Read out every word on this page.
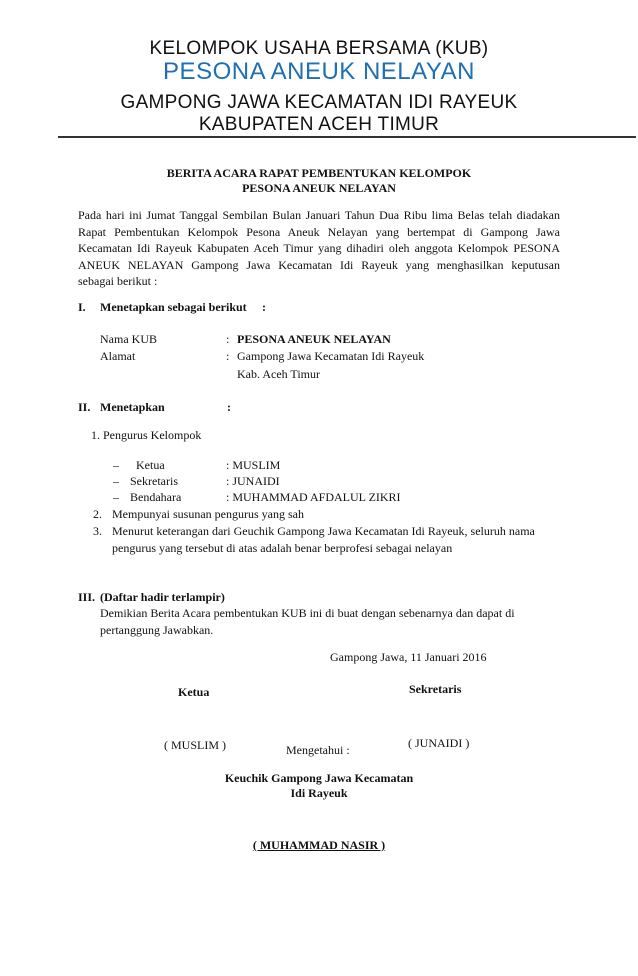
KELOMPOK USAHA BERSAMA (KUB)
PESONA ANEUK NELAYAN
GAMPONG JAWA KECAMATAN IDI RAYEUK
KABUPATEN ACEH TIMUR
BERITA ACARA RAPAT PEMBENTUKAN KELOMPOK
PESONA ANEUK NELAYAN
Pada hari ini Jumat Tanggal Sembilan Bulan Januari Tahun Dua Ribu lima Belas telah diadakan
Rapat Pembentukan Kelompok Pesona Aneuk Nelayan yang bertempat di Gampong Jawa
Kecamatan Idi Rayeuk Kabupaten Aceh Timur yang dihadiri oleh anggota Kelompok PESONA
ANEUK NELAYAN Gampong Jawa Kecamatan Idi Rayeuk yang menghasilkan keputusan
sebagai berikut :
I. Menetapkan sebagai berikut :
Nama KUB	: PESONA ANEUK NELAYAN
Alamat	: Gampong Jawa Kecamatan Idi Rayeuk
Kab. Aceh Timur
II. Menetapkan	:
1. Pengurus Kelompok
– Ketua	: MUSLIM
– Sekretaris	: JUNAIDI
– Bendahara	: MUHAMMAD AFDALUL ZIKRI
2. Mempunyai susunan pengurus yang sah
3. Menurut keterangan dari Geuchik Gampong Jawa Kecamatan Idi Rayeuk, seluruh nama
pengurus yang tersebut di atas adalah benar berprofesi sebagai nelayan
III. (Daftar hadir terlampir)
Demikian Berita Acara pembentukan KUB ini di buat dengan sebenarnya dan dapat di
pertanggung Jawabkan.
Gampong Jawa, 11 Januari 2016
Ketua	Sekretaris
( MUSLIM )	( JUNAIDI )
Mengetahui :
Keuchik Gampong Jawa Kecamatan
Idi Rayeuk
( MUHAMMAD NASIR )
